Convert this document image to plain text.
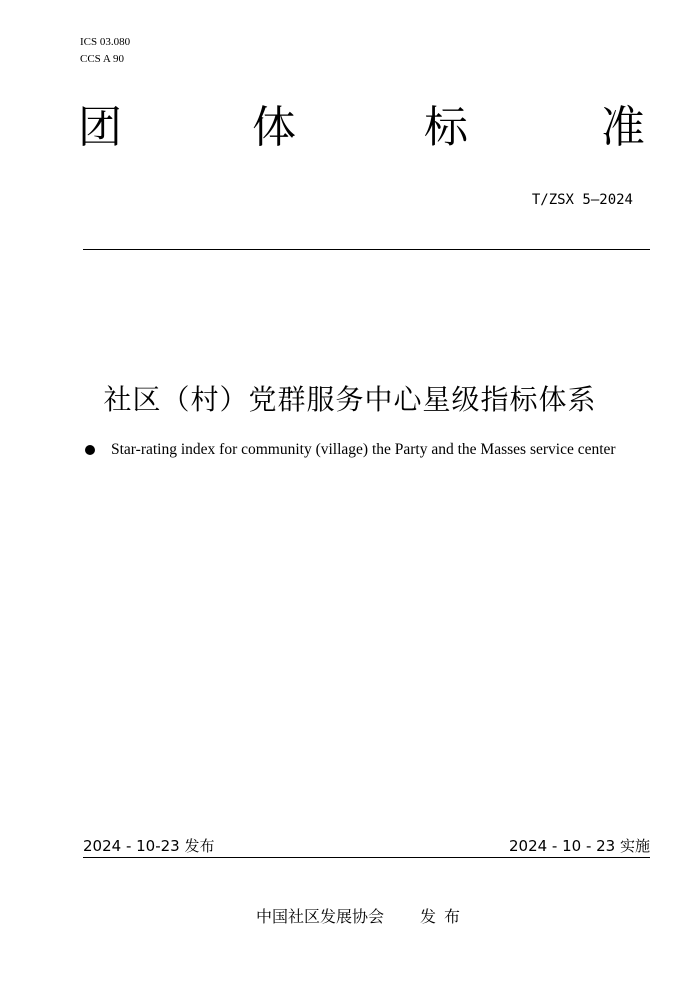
ICS 03.080
CCS A 90
团	体	标	准
T/ZSX 5—2024
社区（村）党群服务中心星级指标体系
Star-rating index for community (village) the Party and the Masses service center
2024 - 10-23 发布	2024 - 10 - 23 实施
中国社区发展协会 发布
